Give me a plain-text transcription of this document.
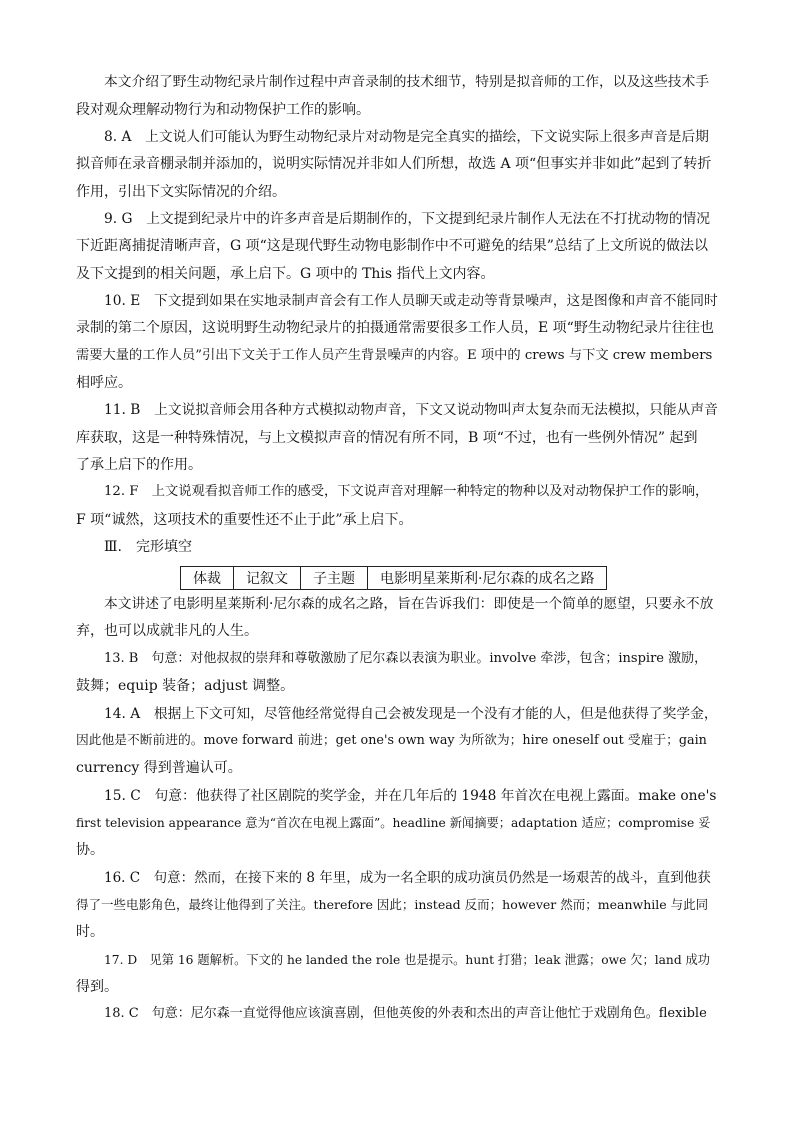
本文介绍了野生动物纪录片制作过程中声音录制的技术细节，特别是拟音师的工作，以及这些技术手
段对观众理解动物行为和动物保护工作的影响。
8. A　上文说人们可能认为野生动物纪录片对动物是完全真实的描绘，下文说实际上很多声音是后期
拟音师在录音棚录制并添加的，说明实际情况并非如人们所想，故选 A 项“但事实并非如此”起到了转折
作用，引出下文实际情况的介绍。
9. G　上文提到纪录片中的许多声音是后期制作的，下文提到纪录片制作人无法在不打扰动物的情况
下近距离捕捉清晰声音，G 项“这是现代野生动物电影制作中不可避免的结果”总结了上文所说的做法以
及下文提到的相关问题，承上启下。G 项中的 This 指代上文内容。
10. E　下文提到如果在实地录制声音会有工作人员聊天或走动等背景噪声，这是图像和声音不能同时
录制的第二个原因，这说明野生动物纪录片的拍摄通常需要很多工作人员，E 项“野生动物纪录片往往也
需要大量的工作人员”引出下文关于工作人员产生背景噪声的内容。E 项中的 crews 与下文 crew members
相呼应。
11. B　上文说拟音师会用各种方式模拟动物声音，下文又说动物叫声太复杂而无法模拟，只能从声音
库获取，这是一种特殊情况，与上文模拟声音的情况有所不同，B 项“不过，也有一些例外情况” 起到
了承上启下的作用。
12. F　上文说观看拟音师工作的感受，下文说声音对理解一种特定的物种以及对动物保护工作的影响，
F 项“诚然，这项技术的重要性还不止于此”承上启下。
Ⅲ.　完形填空
体裁	记叙文	子主题	电影明星莱斯利·尼尔森的成名之路
本文讲述了电影明星莱斯利·尼尔森的成名之路，旨在告诉我们：即使是一个简单的愿望，只要永不放
弃，也可以成就非凡的人生。
13. B　句意：对他叔叔的崇拜和尊敬激励了尼尔森以表演为职业。involve 牵涉，包含；inspire 激励，
鼓舞；equip 装备；adjust 调整。
14. A　根据上下文可知，尽管他经常觉得自己会被发现是一个没有才能的人，但是他获得了奖学金，
因此他是不断前进的。move forward 前进；get one's own way 为所欲为；hire oneself out 受雇于；gain
currency 得到普遍认可。
15. C　句意：他获得了社区剧院的奖学金，并在几年后的 1948 年首次在电视上露面。make one's
first television appearance 意为“首次在电视上露面”。headline 新闻摘要；adaptation 适应；compromise 妥
协。
16. C　句意：然而，在接下来的 8 年里，成为一名全职的成功演员仍然是一场艰苦的战斗，直到他获
得了一些电影角色，最终让他得到了关注。therefore 因此；instead 反而；however 然而；meanwhile 与此同
时。
17. D　见第 16 题解析。下文的 he landed the role 也是提示。hunt 打猎；leak 泄露；owe 欠；land 成功
得到。
18. C　句意：尼尔森一直觉得他应该演喜剧，但他英俊的外表和杰出的声音让他忙于戏剧角色。flexible
